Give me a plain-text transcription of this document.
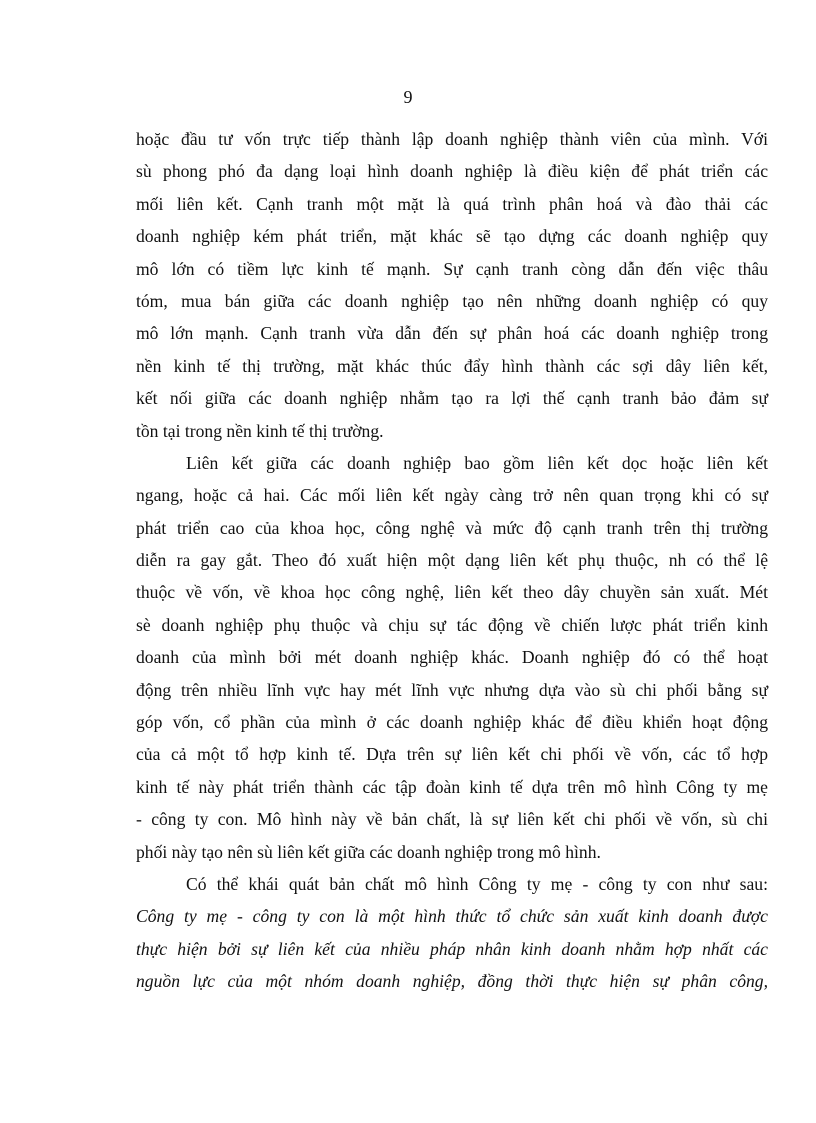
9
hoặc đầu tư vốn trực tiếp thành lập doanh nghiệp thành viên của mình. Với
sù phong phó đa dạng loại hình doanh nghiệp là điều kiện để phát triển các
mối liên kết. Cạnh tranh một mặt là quá trình phân hoá và đào thải các
doanh nghiệp kém phát triển, mặt khác sẽ tạo dựng các doanh nghiệp quy
mô lớn có tiềm lực kinh tế mạnh. Sự cạnh tranh còng dẫn đến việc thâu
tóm, mua bán giữa các doanh nghiệp tạo nên những doanh nghiệp có quy
mô lớn mạnh. Cạnh tranh vừa dẫn đến sự phân hoá các doanh nghiệp trong
nền kinh tế thị trường, mặt khác thúc đẩy hình thành các sợi dây liên kết,
kết nối giữa các doanh nghiệp nhằm tạo ra lợi thế cạnh tranh bảo đảm sự
tồn tại trong nền kinh tế thị trường.
Liên kết giữa các doanh nghiệp bao gồm liên kết dọc hoặc liên kết
ngang, hoặc cả hai. Các mối liên kết ngày càng trở nên quan trọng khi có sự
phát triển cao của khoa học, công nghệ và mức độ cạnh tranh trên thị trường
diễn ra gay gắt. Theo đó xuất hiện một dạng liên kết phụ thuộc, nh có thể lệ
thuộc về vốn, về khoa học công nghệ, liên kết theo dây chuyền sản xuất. Mét
sè doanh nghiệp phụ thuộc và chịu sự tác động về chiến lược phát triển kinh
doanh của mình bởi mét doanh nghiệp khác. Doanh nghiệp đó có thể hoạt
động trên nhiều lĩnh vực hay mét lĩnh vực nhưng dựa vào sù chi phối bằng sự
góp vốn, cổ phần của mình ở các doanh nghiệp khác để điều khiển hoạt động
của cả một tổ hợp kinh tế. Dựa trên sự liên kết chi phối về vốn, các tổ hợp
kinh tế này phát triển thành các tập đoàn kinh tế dựa trên mô hình Công ty mẹ
- công ty con. Mô hình này về bản chất, là sự liên kết chi phối về vốn, sù chi
phối này tạo nên sù liên kết giữa các doanh nghiệp trong mô hình.
Có thể khái quát bản chất mô hình Công ty mẹ - công ty con như sau:
Công ty mẹ - công ty con là một hình thức tổ chức sản xuất kinh doanh được
thực hiện bởi sự liên kết của nhiều pháp nhân kinh doanh nhằm hợp nhất các
nguồn lực của một nhóm doanh nghiệp, đồng thời thực hiện sự phân công,
